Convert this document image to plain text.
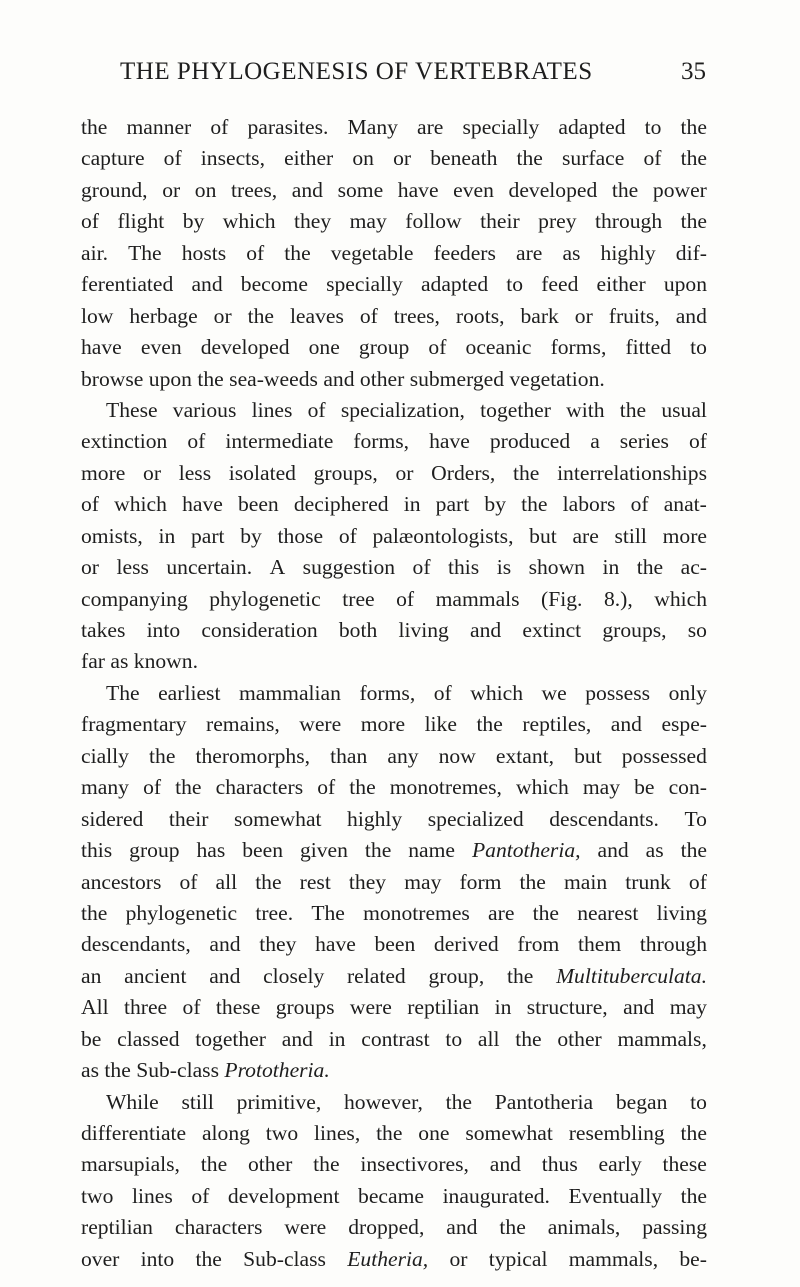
THE PHYLOGENESIS OF VERTEBRATES	35
the manner of parasites. Many are specially adapted to the
capture of insects, either on or beneath the surface of the
ground, or on trees, and some have even developed the power
of flight by which they may follow their prey through the
air. The hosts of the vegetable feeders are as highly dif-
ferentiated and become specially adapted to feed either upon
low herbage or the leaves of trees, roots, bark or fruits, and
have even developed one group of oceanic forms, fitted to
browse
upon
the
sea-weeds
and
other
submerged
vegetation.
These various lines of specialization, together with the usual
extinction of intermediate forms, have produced a series of
more or less isolated groups, or Orders, the interrelationships
of which have been deciphered in part by the labors of anat-
omists, in part by those of palæontologists, but are still more
or less uncertain. A suggestion of this is shown in the ac-
companying phylogenetic tree of mammals (Fig. 8.), which
takes into consideration both living and extinct groups, so
far
as
known.
The earliest mammalian forms, of which we possess only
fragmentary remains, were more like the reptiles, and espe-
cially the theromorphs, than any now extant, but possessed
many of the characters of the monotremes, which may be con-
sidered their somewhat highly specialized descendants. To
this group has been given the name Pantotheria, and as the
ancestors of all the rest they may form the main trunk of
the phylogenetic tree. The monotremes are the nearest living
descendants, and they have been derived from them through
an ancient and closely related group, the Multituberculata.
All three of these groups were reptilian in structure, and may
be classed together and in contrast to all the other mammals,
as
the
Sub-class
Prototheria.
While still primitive, however, the Pantotheria began to
differentiate along two lines, the one somewhat resembling the
marsupials, the other the insectivores, and thus early these
two lines of development became inaugurated. Eventually the
reptilian characters were dropped, and the animals, passing
over into the Sub-class Eutheria, or typical mammals, be-
